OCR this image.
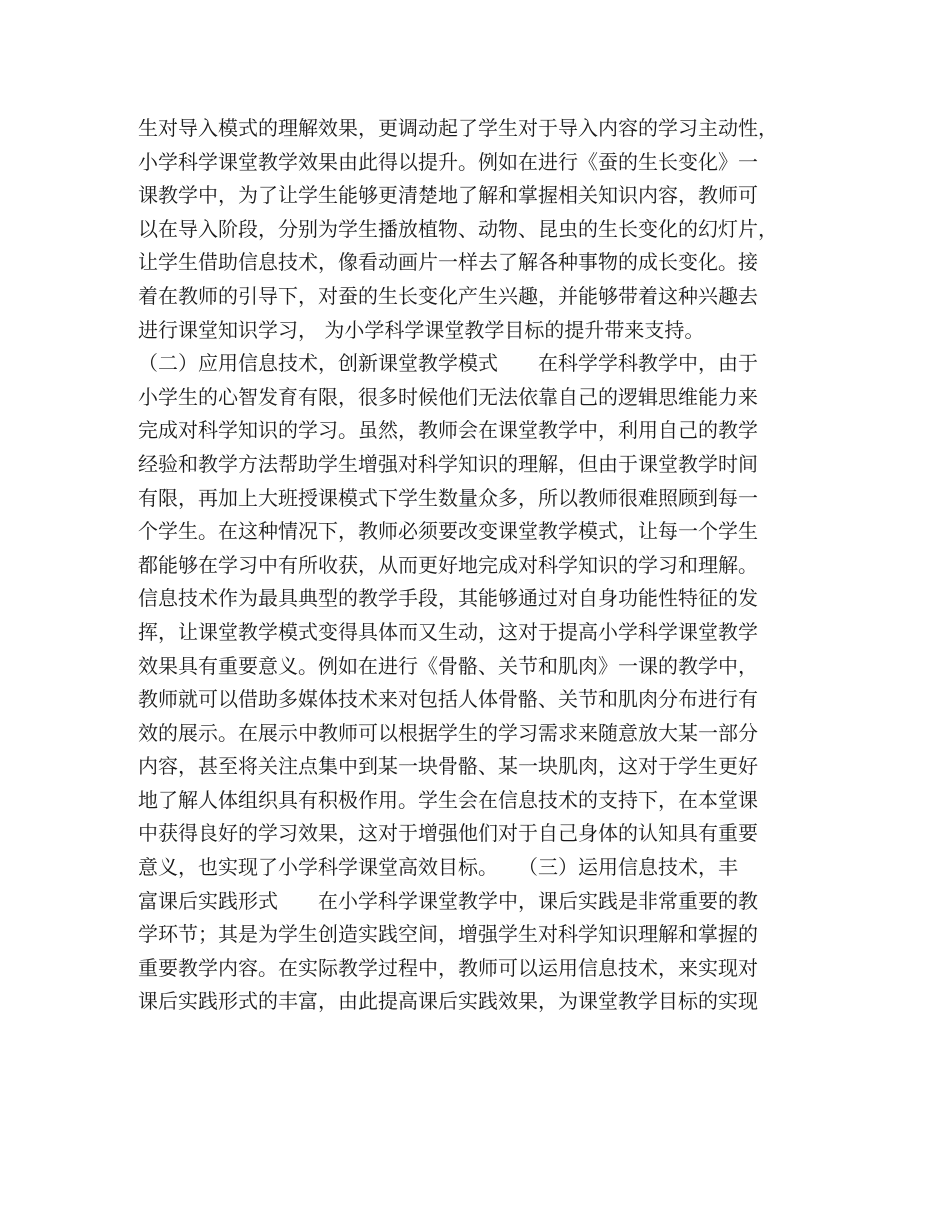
生对导入模式的理解效果，更调动起了学生对于导入内容的学习主动性，
小学科学课堂教学效果由此得以提升。例如在进行《蚕的生长变化》一
课教学中，为了让学生能够更清楚地了解和掌握相关知识内容，教师可
以在导入阶段，分别为学生播放植物、动物、昆虫的生长变化的幻灯片，
让学生借助信息技术，像看动画片一样去了解各种事物的成长变化。接
着在教师的引导下，对蚕的生长变化产生兴趣，并能够带着这种兴趣去
进行课堂知识学习， 为小学科学课堂教学目标的提升带来支持。
（二）应用信息技术，创新课堂教学模式　　在科学学科教学中，由于
小学生的心智发育有限，很多时候他们无法依靠自己的逻辑思维能力来
完成对科学知识的学习。虽然，教师会在课堂教学中，利用自己的教学
经验和教学方法帮助学生增强对科学知识的理解，但由于课堂教学时间
有限，再加上大班授课模式下学生数量众多，所以教师很难照顾到每一
个学生。在这种情况下，教师必须要改变课堂教学模式，让每一个学生
都能够在学习中有所收获，从而更好地完成对科学知识的学习和理解。
信息技术作为最具典型的教学手段，其能够通过对自身功能性特征的发
挥，让课堂教学模式变得具体而又生动，这对于提高小学科学课堂教学
效果具有重要意义。例如在进行《骨骼、关节和肌肉》一课的教学中，
教师就可以借助多媒体技术来对包括人体骨骼、关节和肌肉分布进行有
效的展示。在展示中教师可以根据学生的学习需求来随意放大某一部分
内容，甚至将关注点集中到某一块骨骼、某一块肌肉，这对于学生更好
地了解人体组织具有积极作用。学生会在信息技术的支持下，在本堂课
中获得良好的学习效果，这对于增强他们对于自己身体的认知具有重要
意义，也实现了小学科学课堂高效目标。　　（三）运用信息技术，丰
富课后实践形式　　在小学科学课堂教学中，课后实践是非常重要的教
学环节；其是为学生创造实践空间，增强学生对科学知识理解和掌握的
重要教学内容。在实际教学过程中，教师可以运用信息技术，来实现对
课后实践形式的丰富，由此提高课后实践效果，为课堂教学目标的实现
